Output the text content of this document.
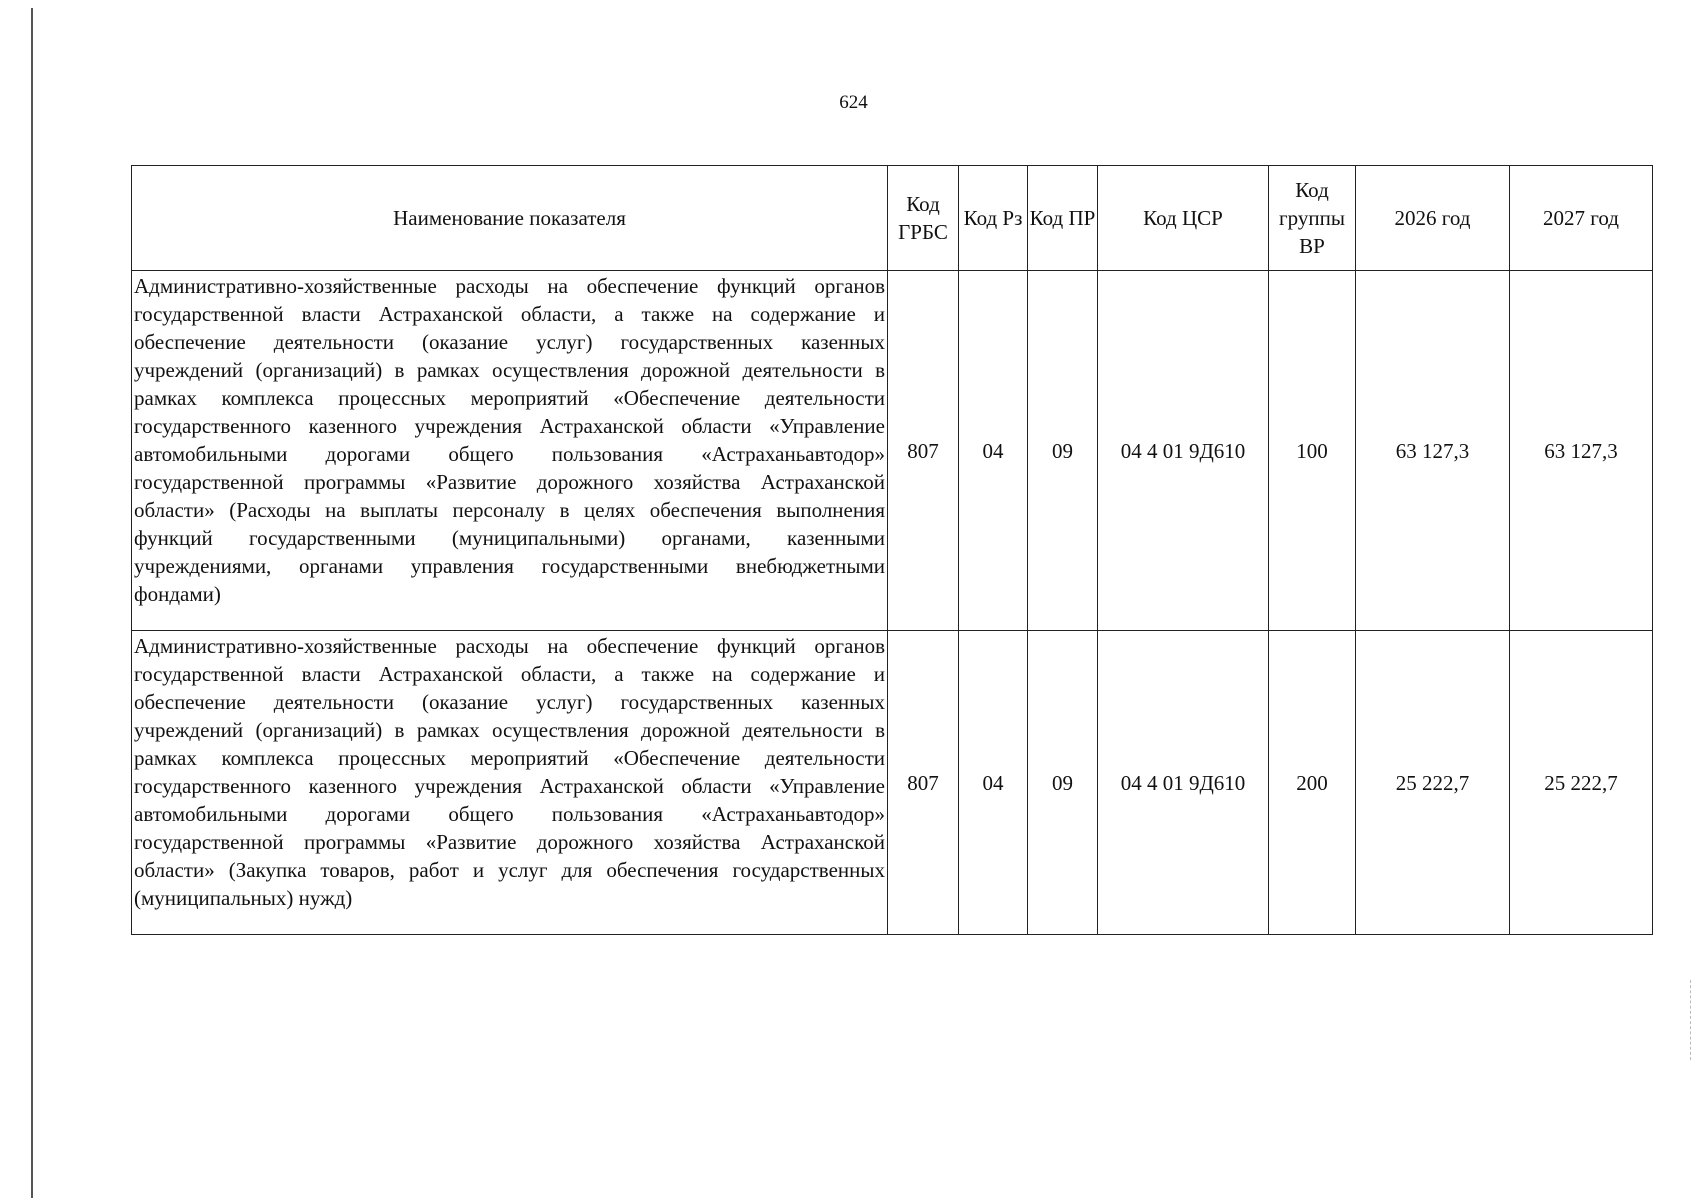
624
Наименование показателя	Код ГРБС	Код Рз	Код ПР	Код ЦСР	Код группы ВР	2026 год	2027 год
Административно-хозяйственные расходы на обеспечение функций органов государственной власти Астраханской области, а также на содержание и обеспечение деятельности (оказание услуг) государственных казенных учреждений (организаций) в рамках осуществления дорожной деятельности в рамках комплекса процессных мероприятий «Обеспечение деятельности государственного казенного учреждения Астраханской области «Управление автомобильными дорогами общего пользования «Астраханьавтодор» государственной программы «Развитие дорожного хозяйства Астраханской области» (Расходы на выплаты персоналу в целях обеспечения выполнения функций государственными (муниципальными) органами, казенными учреждениями, органами управления государственными внебюджетными фондами)	807	04	09	04 4 01 9Д610	100	63 127,3	63 127,3
Административно-хозяйственные расходы на обеспечение функций органов государственной власти Астраханской области, а также на содержание и обеспечение деятельности (оказание услуг) государственных казенных учреждений (организаций) в рамках осуществления дорожной деятельности в рамках комплекса процессных мероприятий «Обеспечение деятельности государственного казенного учреждения Астраханской области «Управление автомобильными дорогами общего пользования «Астраханьавтодор» государственной программы «Развитие дорожного хозяйства Астраханской области» (Закупка товаров, работ и услуг для обеспечения государственных (муниципальных) нужд)	807	04	09	04 4 01 9Д610	200	25 222,7	25 222,7
